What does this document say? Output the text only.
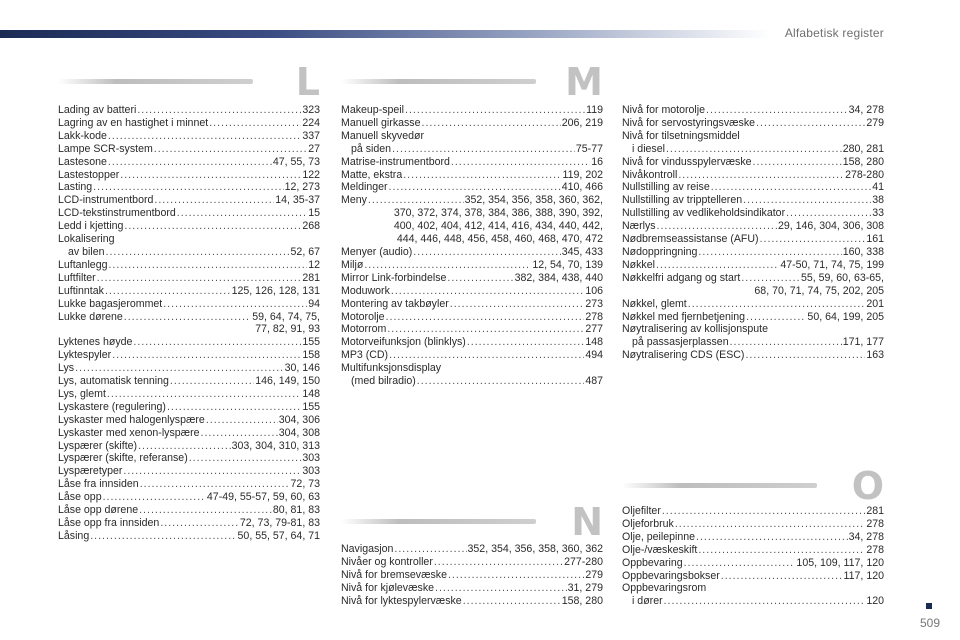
Alfabetisk register
L	M
N
O
Lading av batteri .....	323
Lagring av en hastighet i minnet .....	224
Lakk-kode .....	337
Lampe SCR-system .....	27
Lastesone .....	47, 55, 73
Lastestopper .....	122
Lasting .....	12, 273
LCD-instrumentbord .....	14, 35-37
LCD-tekstinstrumentbord .....	15
Ledd i kjetting .....	268
Lokalisering
av bilen .....	52, 67
Luftanlegg .....	12
Luftfilter .....	281
Luftinntak .....	125, 126, 128, 131
Lukke bagasjerommet .....	94
Lukke dørene .....	59, 64, 74, 75,
77, 82, 91, 93
Lyktenes høyde .....	155
Lyktespyler .....	158
Lys .....	30, 146
Lys, automatisk tenning .....	146, 149, 150
Lys, glemt .....	148
Lyskastere (regulering) .....	155
Lyskaster med halogenlyspære .....	304, 306
Lyskaster med xenon-lyspære .....	304, 308
Lyspærer (skifte) .....	303, 304, 310, 313
Lyspærer (skifte, referanse) .....	303
Lyspæretyper .....	303
Låse fra innsiden .....	72, 73
Låse opp .....	47-49, 55-57, 59, 60, 63
Låse opp dørene .....	80, 81, 83
Låse opp fra innsiden .....	72, 73, 79-81, 83
Låsing .....	50, 55, 57, 64, 71
Makeup-speil .....	119
Manuell girkasse .....	206, 219
Manuell skyvedør
på siden .....	75-77
Matrise-instrumentbord .....	16
Matte, ekstra .....	119, 202
Meldinger .....	410, 466
Meny .....	352, 354, 356, 358, 360, 362,
370, 372, 374, 378, 384, 386, 388, 390, 392,
400, 402, 404, 412, 414, 416, 434, 440, 442,
444, 446, 448, 456, 458, 460, 468, 470, 472
Menyer (audio) .....	345, 433
Miljø .....	12, 54, 70, 139
Mirror Link-forbindelse .....	382, 384, 438, 440
Moduwork .....	106
Montering av takbøyler .....	273
Motorolje .....	278
Motorrom .....	277
Motorveifunksjon (blinklys) .....	148
MP3 (CD) .....	494
Multifunksjonsdisplay
(med bilradio) .....	487
Nivå for motorolje .....	34, 278
Nivå for servostyringsvæske .....	279
Nivå for tilsetningsmiddel
i diesel .....	280, 281
Nivå for vindusspylervæske .....	158, 280
Nivåkontroll .....	278-280
Nullstilling av reise .....	41
Nullstilling av tripptelleren .....	38
Nullstilling av vedlikeholdsindikator .....	33
Nærlys .....	29, 146, 304, 306, 308
Nødbremseassistanse (AFU) .....	161
Nødoppringning .....	160, 338
Nøkkel .....	47-50, 71, 74, 75, 199
Nøkkelfri adgang og start .....	55, 59, 60, 63-65,
68, 70, 71, 74, 75, 202, 205
Nøkkel, glemt .....	201
Nøkkel med fjernbetjening .....	50, 64, 199, 205
Nøytralisering av kollisjonspute
på passasjerplassen .....	171, 177
Nøytralisering CDS (ESC) .....	163
Navigasjon .....	352, 354, 356, 358, 360, 362
Nivåer og kontroller .....	277-280
Nivå for bremsevæske .....	279
Nivå for kjølevæske .....	31, 279
Nivå for lyktespylervæske .....	158, 280
Oljefilter .....	281
Oljeforbruk .....	278
Olje, peilepinne .....	34, 278
Olje-/væskeskift .....	278
Oppbevaring .....	105, 109, 117, 120
Oppbevaringsbokser .....	117, 120
Oppbevaringsrom
i dører .....	120
509
